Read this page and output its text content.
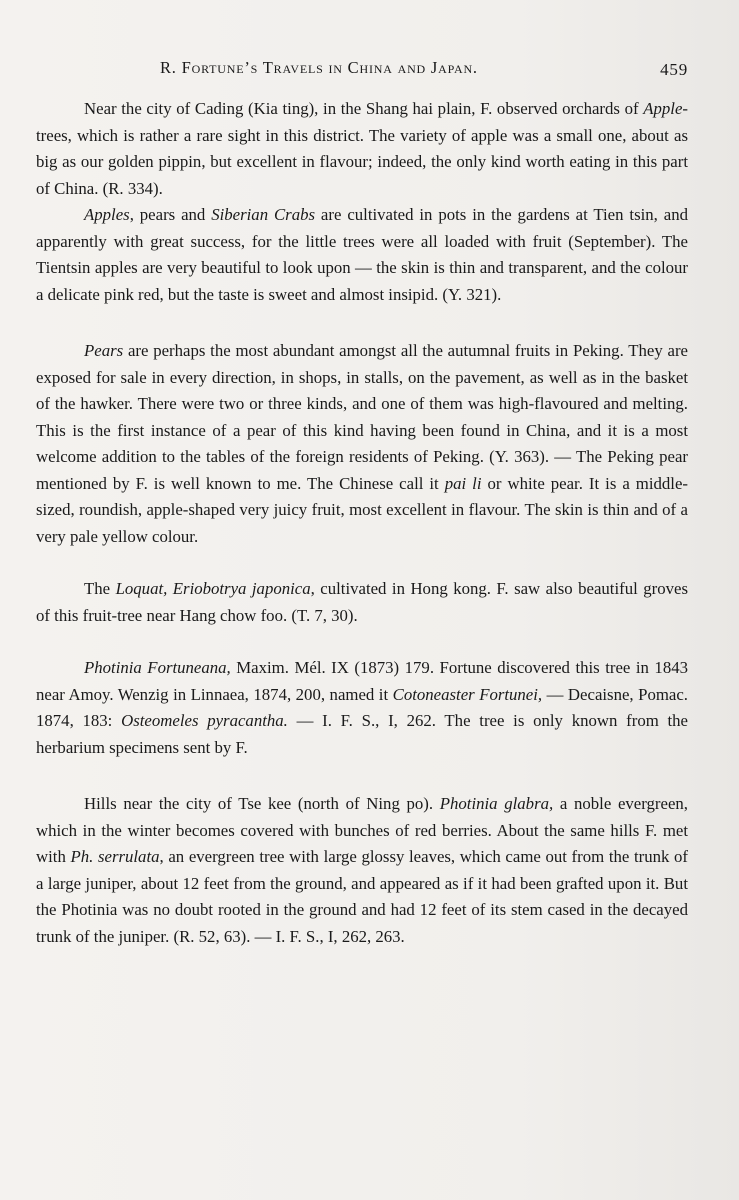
R. Fortune’s Travels in China and Japan.	459

Near the city of Cading (Kia ting), in the Shang hai plain, F. observed orchards of Apple-trees, which is rather a rare sight in this district. The variety of apple was a small one, about as big as our golden pippin, but excellent in flavour; indeed, the only kind worth eating in this part of China. (R. 334).

Apples, pears and Siberian Crabs are cultivated in pots in the gardens at Tien tsin, and apparently with great success, for the little trees were all loaded with fruit (September). The Tientsin apples are very beautiful to look upon — the skin is thin and transparent, and the colour a delicate pink red, but the taste is sweet and almost insipid. (Y. 321).

Pears are perhaps the most abundant amongst all the autumnal fruits in Peking. They are exposed for sale in every direction, in shops, in stalls, on the pavement, as well as in the basket of the hawker. There were two or three kinds, and one of them was high-flavoured and melting. This is the first instance of a pear of this kind having been found in China, and it is a most welcome addition to the tables of the foreign residents of Peking. (Y. 363). — The Peking pear mentioned by F. is well known to me. The Chinese call it pai li or white pear. It is a middle-sized, roundish, apple-shaped very juicy fruit, most excellent in flavour. The skin is thin and of a very pale yellow colour.

The Loquat, Eriobotrya japonica, cultivated in Hong kong. F. saw also beautiful groves of this fruit-tree near Hang chow foo. (T. 7, 30).

Photinia Fortuneana, Maxim. Mél. IX (1873) 179. Fortune discovered this tree in 1843 near Amoy. Wenzig in Linnaea, 1874, 200, named it Cotoneaster Fortunei, — Decaisne, Pomac. 1874, 183: Osteomeles pyracantha. — I. F. S., I, 262. The tree is only known from the herbarium specimens sent by F.

Hills near the city of Tse kee (north of Ning po). Photinia glabra, a noble evergreen, which in the winter becomes covered with bunches of red berries. About the same hills F. met with Ph. serrulata, an evergreen tree with large glossy leaves, which came out from the trunk of a large juniper, about 12 feet from the ground, and appeared as if it had been grafted upon it. But the Photinia was no doubt rooted in the ground and had 12 feet of its stem cased in the decayed trunk of the juniper. (R. 52, 63). — I. F. S., I, 262, 263.
